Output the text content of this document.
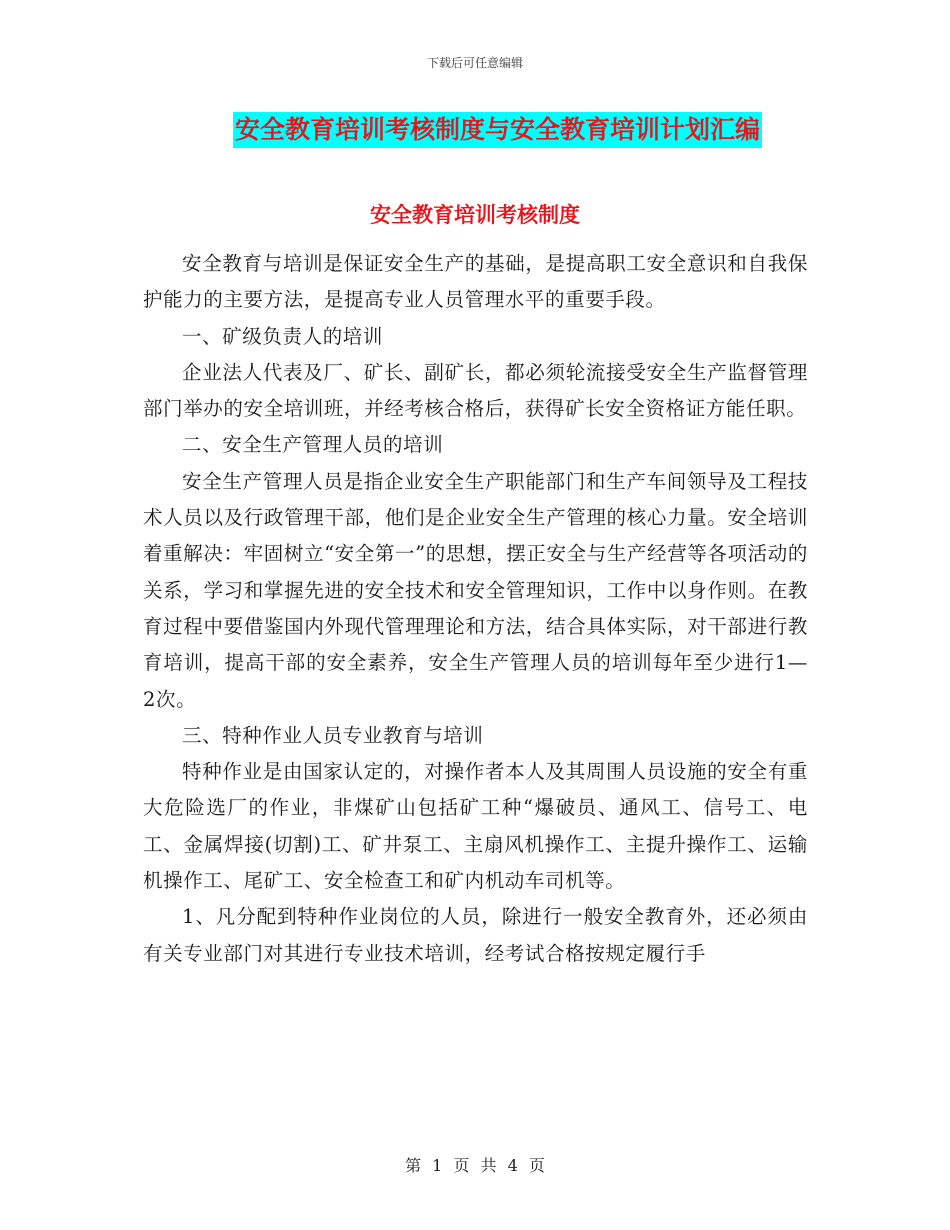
下载后可任意编辑
安全教育培训考核制度与安全教育培训计划汇编
安全教育培训考核制度

安全教育与培训是保证安全生产的基础，是提高职工安全意识和自我保护能力的主要方法，是提高专业人员管理水平的重要手段。

一、矿级负责人的培训

企业法人代表及厂、矿长、副矿长，都必须轮流接受安全生产监督管理部门举办的安全培训班，并经考核合格后，获得矿长安全资格证方能任职。

二、安全生产管理人员的培训

安全生产管理人员是指企业安全生产职能部门和生产车间领导及工程技术人员以及行政管理干部，他们是企业安全生产管理的核心力量。安全培训着重解决：牢固树立“安全第一”的思想，摆正安全与生产经营等各项活动的关系，学习和掌握先进的安全技术和安全管理知识，工作中以身作则。在教育过程中要借鉴国内外现代管理理论和方法，结合具体实际，对干部进行教育培训，提高干部的安全素养，安全生产管理人员的培训每年至少进行1—2次。

三、特种作业人员专业教育与培训

特种作业是由国家认定的，对操作者本人及其周围人员设施的安全有重大危险选厂的作业，非煤矿山包括矿工种“爆破员、通风工、信号工、电工、金属焊接(切割)工、矿井泵工、主扇风机操作工、主提升操作工、运输机操作工、尾矿工、安全检查工和矿内机动车司机等。

1、凡分配到特种作业岗位的人员，除进行一般安全教育外，还必须由有关专业部门对其进行专业技术培训，经考试合格按规定履行手

第 1 页 共 4 页
